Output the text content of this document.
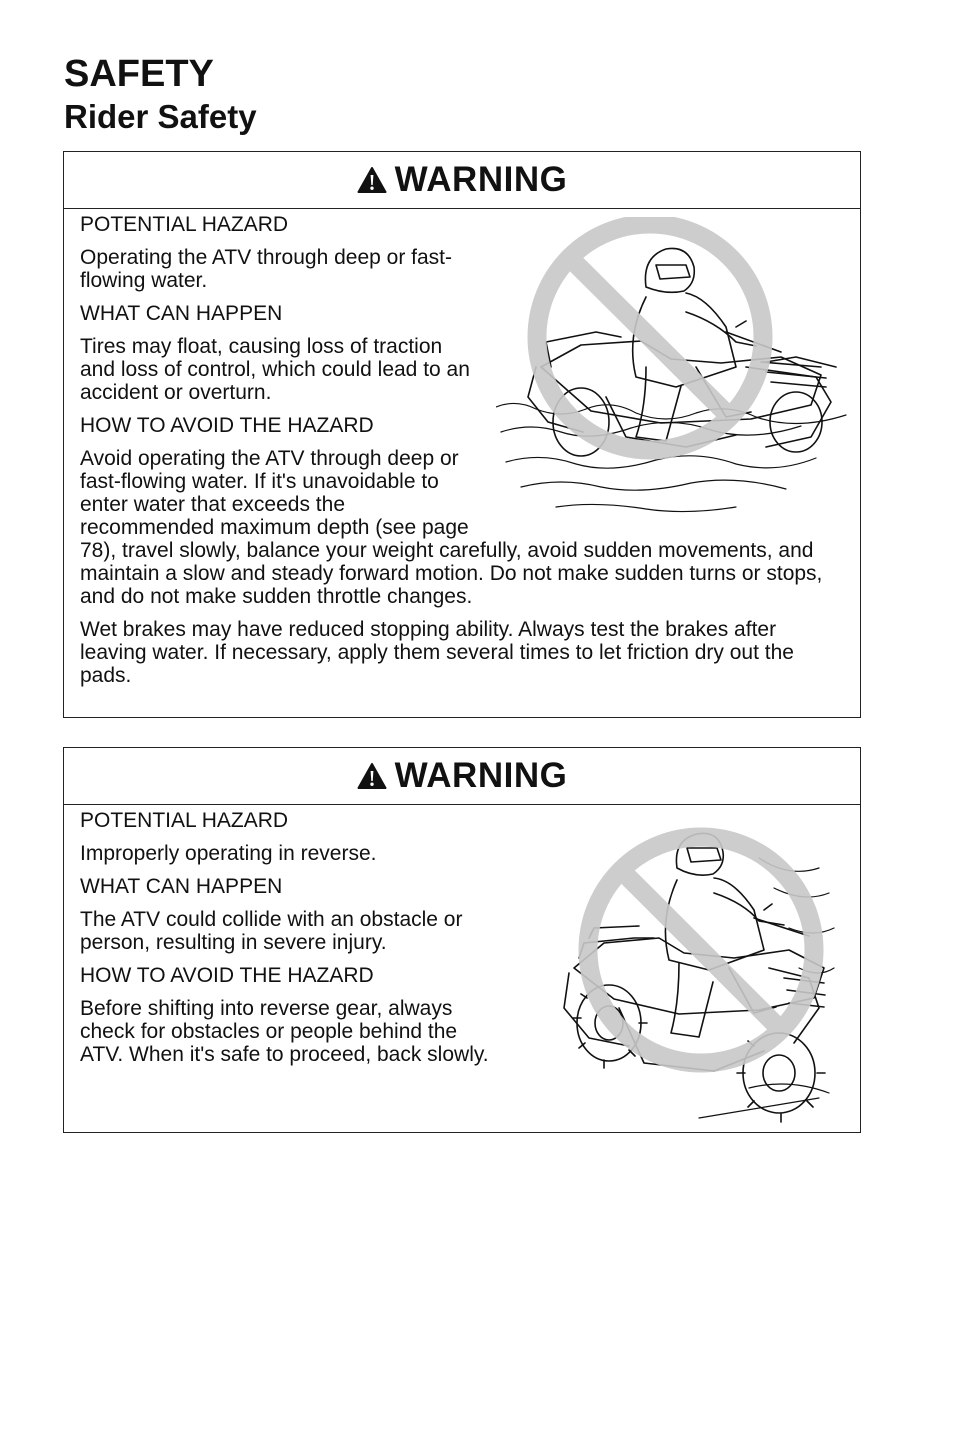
SAFETY
Rider Safety
WARNING

POTENTIAL HAZARD

Operating the ATV through deep or fast-flowing water.

WHAT CAN HAPPEN

Tires may float, causing loss of traction and loss of control, which could lead to an accident or overturn.

HOW TO AVOID THE HAZARD

Avoid operating the ATV through deep or fast-flowing water. If it's unavoidable to enter water that exceeds the recommended maximum depth (see page 78), travel slowly, balance your weight carefully, avoid sudden movements, and maintain a slow and steady forward motion. Do not make sudden turns or stops, and do not make sudden throttle changes.

Wet brakes may have reduced stopping ability. Always test the brakes after leaving water. If necessary, apply them several times to let friction dry out the pads.

WARNING

POTENTIAL HAZARD

Improperly operating in reverse.

WHAT CAN HAPPEN

The ATV could collide with an obstacle or person, resulting in severe injury.

HOW TO AVOID THE HAZARD

Before shifting into reverse gear, always check for obstacles or people behind the ATV. When it's safe to proceed, back slowly.
